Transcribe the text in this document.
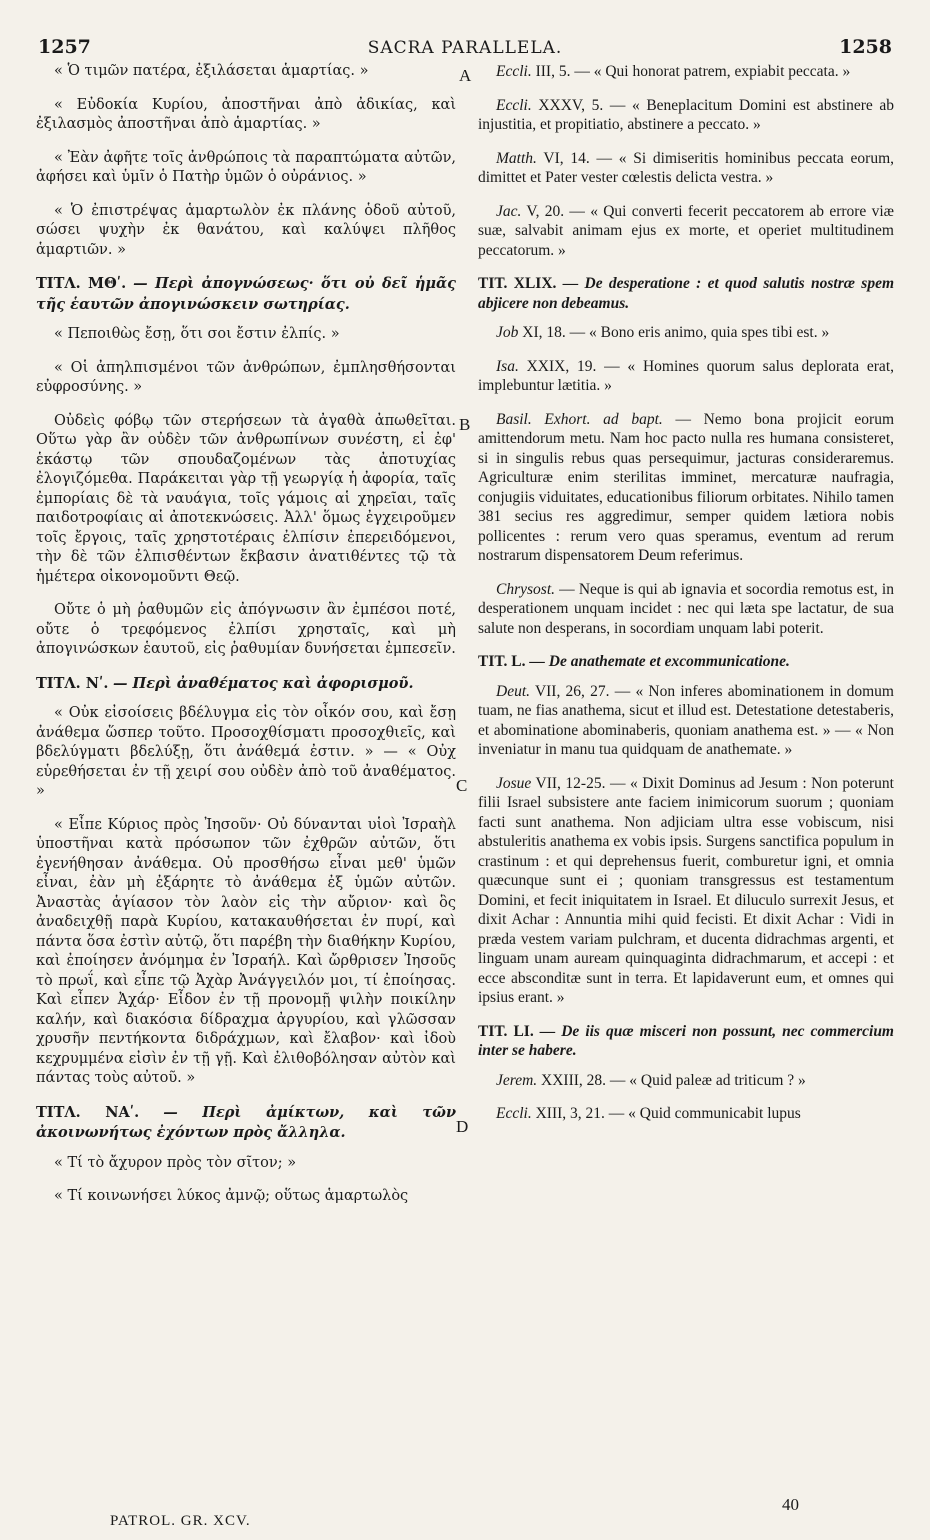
1257	SACRA PARALLELA.	1258
« Ὁ τιμῶν πατέρα, ἐξιλάσεται ἁμαρτίας. »
« Εὐδοκία Κυρίου, ἀποστῆναι ἀπὸ ἀδικίας, καὶ ἐξιλασμὸς ἀποστῆναι ἀπὸ ἁμαρτίας. »
« Ἐὰν ἀφῆτε τοῖς ἀνθρώποις τὰ παραπτώματα αὐτῶν, ἀφήσει καὶ ὑμῖν ὁ Πατὴρ ὑμῶν ὁ οὐράνιος. »
« Ὁ ἐπιστρέψας ἁμαρτωλὸν ἐκ πλάνης ὁδοῦ αὐτοῦ, σώσει ψυχὴν ἐκ θανάτου, καὶ καλύψει πλῆθος ἁμαρτιῶν. »
ΤΙΤΛ. ΜΘʹ. — Περὶ ἀπογνώσεως· ὅτι οὐ δεῖ ἡμᾶς τῆς ἑαυτῶν ἀπογινώσκειν σωτηρίας.
« Πεποιθὼς ἔσῃ, ὅτι σοι ἔστιν ἐλπίς. »
« Οἱ ἀπηλπισμένοι τῶν ἀνθρώπων, ἐμπλησθήσονται εὐφροσύνης. »
Οὐδεὶς φόβῳ τῶν στερήσεων τὰ ἀγαθὰ ἀπωθεῖται. Οὕτω γὰρ ἂν οὐδὲν τῶν ἀνθρωπίνων συνέστη, εἰ ἐφ' ἑκάστῳ τῶν σπουδαζομένων τὰς ἀποτυχίας ἐλογιζόμεθα. Παράκειται γὰρ τῇ γεωργίᾳ ἡ ἀφορία, ταῖς ἐμπορίαις δὲ τὰ ναυάγια, τοῖς γάμοις αἱ χηρεῖαι, ταῖς παιδοτροφίαις αἱ ἀποτεκνώσεις. Ἀλλ' ὅμως ἐγχειροῦμεν τοῖς ἔργοις, ταῖς χρηστοτέραις ἐλπίσιν ἐπερειδόμενοι, τὴν δὲ τῶν ἐλπισθέντων ἔκβασιν ἀνατιθέντες τῷ τὰ ἡμέτερα οἰκονομοῦντι Θεῷ.
Οὔτε ὁ μὴ ῥαθυμῶν εἰς ἀπόγνωσιν ἂν ἐμπέσοι ποτέ, οὔτε ὁ τρεφόμενος ἐλπίσι χρησταῖς, καὶ μὴ ἀπογινώσκων ἑαυτοῦ, εἰς ῥαθυμίαν δυνήσεται ἐμπεσεῖν.
ΤΙΤΛ. Νʹ. — Περὶ ἀναθέματος καὶ ἀφορισμοῦ.
« Οὐκ εἰσοίσεις βδέλυγμα εἰς τὸν οἶκόν σου, καὶ ἔσῃ ἀνάθεμα ὥσπερ τοῦτο. Προσοχθίσματι προσοχθιεῖς, καὶ βδελύγματι βδελύξῃ, ὅτι ἀνάθεμά ἐστιν. » — « Οὐχ εὑρεθήσεται ἐν τῇ χειρί σου οὐδὲν ἀπὸ τοῦ ἀναθέματος. »
« Εἶπε Κύριος πρὸς Ἰησοῦν· Οὐ δύνανται υἱοὶ Ἰσραὴλ ὑποστῆναι κατὰ πρόσωπον τῶν ἐχθρῶν αὐτῶν, ὅτι ἐγενήθησαν ἀνάθεμα. Οὐ προσθήσω εἶναι μεθ' ὑμῶν εἶναι, ἐὰν μὴ ἐξάρητε τὸ ἀνάθεμα ἐξ ὑμῶν αὐτῶν. Ἀναστὰς ἁγίασον τὸν λαὸν εἰς τὴν αὔριον· καὶ ὃς ἀναδειχθῇ παρὰ Κυρίου, κατακαυθήσεται ἐν πυρί, καὶ πάντα ὅσα ἐστὶν αὐτῷ, ὅτι παρέβη τὴν διαθήκην Κυρίου, καὶ ἐποίησεν ἀνόμημα ἐν Ἰσραήλ. Καὶ ὤρθρισεν Ἰησοῦς τὸ πρωΐ, καὶ εἶπε τῷ Ἀχὰρ Ἀνάγγειλόν μοι, τί ἐποίησας. Καὶ εἶπεν Ἀχάρ· Εἶδον ἐν τῇ προνομῇ ψιλὴν ποικίλην καλήν, καὶ διακόσια δίδραχμα ἀργυρίου, καὶ γλῶσσαν χρυσῆν πεντήκοντα διδράχμων, καὶ ἔλαβον· καὶ ἰδοὺ κεχρυμμένα εἰσὶν ἐν τῇ γῇ. Καὶ ἐλιθοβόλησαν αὐτὸν καὶ πάντας τοὺς αὐτοῦ. »
ΤΙΤΛ. ΝΑʹ. — Περὶ ἀμίκτων, καὶ τῶν ἀκοινωνήτως ἐχόντων πρὸς ἄλληλα.
« Τί τὸ ἄχυρον πρὸς τὸν σῖτον; »
« Τί κοινωνήσει λύκος ἀμνῷ; οὕτως ἁμαρτωλὸς
Eccli. III, 5. — « Qui honorat patrem, expiabit peccata. »
Eccli. XXXV, 5. — « Beneplacitum Domini est abstinere ab injustitia, et propitiatio, abstinere a peccato. »
Matth. VI, 14. — « Si dimiseritis hominibus peccata eorum, dimittet et Pater vester cœlestis delicta vestra. »
Jac. V, 20. — « Qui converti fecerit peccatorem ab errore viæ suæ, salvabit animam ejus ex morte, et operiet multitudinem peccatorum. »
TIT. XLIX. — De desperatione : et quod salutis nostræ spem abjicere non debeamus.
Job XI, 18. — « Bono eris animo, quia spes tibi est. »
Isa. XXIX, 19. — « Homines quorum salus deplorata erat, implebuntur lætitia. »
Basil. Exhort. ad bapt. — Nemo bona projicit eorum amittendorum metu. Nam hoc pacto nulla res humana consisteret, si in singulis rebus quas persequimur, jacturas consideraremus. Agriculturæ enim sterilitas imminet, mercaturæ naufragia, conjugiis viduitates, educationibus filiorum orbitates. Nihilo tamen 381 secius res aggredimur, semper quidem lætiora nobis pollicentes : rerum vero quas speramus, eventum ad rerum nostrarum dispensatorem Deum referimus.
Chrysost. — Neque is qui ab ignavia et socordia remotus est, in desperationem unquam incidet : nec qui læta spe lactatur, de sua salute non desperans, in socordiam unquam labi poterit.
TIT. L. — De anathemate et excommunicatione.
Deut. VII, 26, 27. — « Non inferes abominationem in domum tuam, ne fias anathema, sicut et illud est. Detestatione detestaberis, et abominatione abominaberis, quoniam anathema est. » — « Non inveniatur in manu tua quidquam de anathemate. »
Josue VII, 12-25. — « Dixit Dominus ad Jesum : Non poterunt filii Israel subsistere ante faciem inimicorum suorum ; quoniam facti sunt anathema. Non adjiciam ultra esse vobiscum, nisi abstuleritis anathema ex vobis ipsis. Surgens sanctifica populum in crastinum : et qui deprehensus fuerit, comburetur igni, et omnia quæcunque sunt ei ; quoniam transgressus est testamentum Domini, et fecit iniquitatem in Israel. Et diluculo surrexit Jesus, et dixit Achar : Annuntia mihi quid fecisti. Et dixit Achar : Vidi in præda vestem variam pulchram, et ducenta didrachmas argenti, et linguam unam auream quinquaginta didrachmarum, et accepi : et ecce absconditæ sunt in terra. Et lapidaverunt eum, et omnes qui ipsius erant. »
TIT. LI. — De iis quæ misceri non possunt, nec commercium inter se habere.
Jerem. XXIII, 28. — « Quid paleæ ad triticum ? »
Eccli. XIII, 3, 21. — « Quid communicabit lupus
A
B
C
D
PATROL. GR. XCV.
40
